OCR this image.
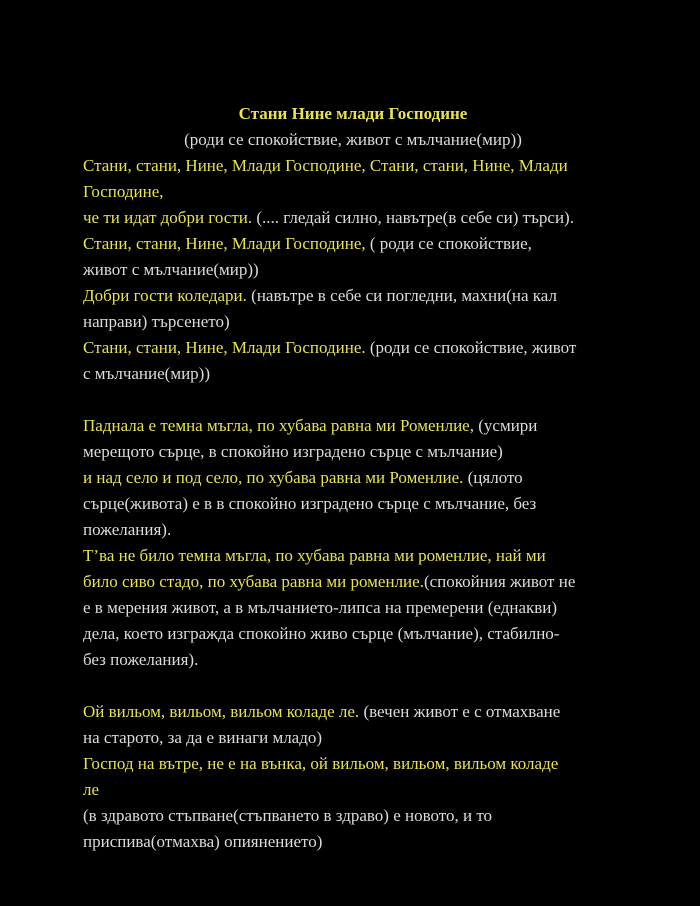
Стани Нине млади Господине
(роди се спокойствие, живот с мълчание(мир))
Стани, стани, Нине, Млади Господине, Стани, стани, Нине, Млади
Господине,
че ти идат добри гости. (.... гледай силно, навътре(в себе си) търси).
Стани, стани, Нине, Млади Господине, ( роди се спокойствие,
живот с мълчание(мир))
Добри гости коледари. (навътре в себе си погледни, махни(на кал
направи) търсенето)
Стани, стани, Нине, Млади Господине. (роди се спокойствие, живот
с мълчание(мир))
Паднала е темна мъгла, по хубава равна ми Роменлие, (усмири
мерещото сърце, в спокойно изградено сърце с мълчание)
и над село и под село, по хубава равна ми Роменлие. (цялото
сърце(живота) е в в спокойно изградено сърце с мълчание, без
пожелания).
Т’ва не било темна мъгла, по хубава равна ми роменлие, най ми
било сиво стадо, по хубава равна ми роменлие.(спокойния живот не
е в мерения живот, а в мълчанието-липса на премерени (еднакви)
дела, което изгражда спокойно живо сърце (мълчание), стабилно-
без пожелания).
Ой вильом, вильом, вильом коладе ле. (вечен живот е с отмахване
на старото, за да е винаги младо)
Господ на вътре, не е на вънка, ой вильом, вильом, вильом коладе
ле
(в здравото стъпване(стъпването в здраво) е новото, и то
приспива(отмахва) опиянението)
